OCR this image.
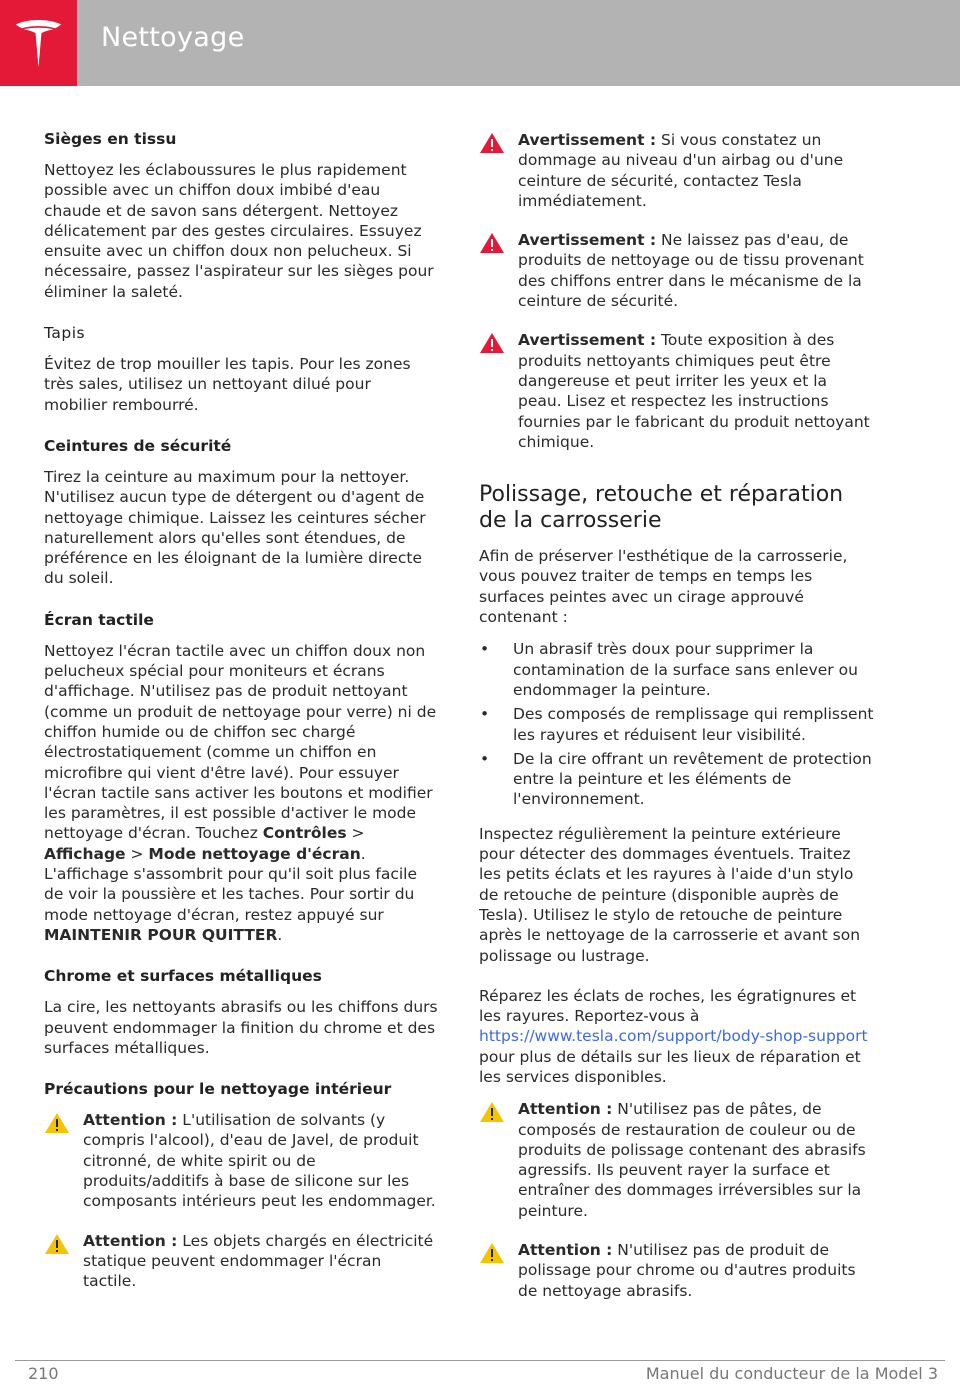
Nettoyage
Sièges en tissu

Nettoyez les éclaboussures le plus rapidement possible avec un chiffon doux imbibé d'eau chaude et de savon sans détergent. Nettoyez délicatement par des gestes circulaires. Essuyez ensuite avec un chiffon doux non pelucheux. Si nécessaire, passez l'aspirateur sur les sièges pour éliminer la saleté.

Tapis

Évitez de trop mouiller les tapis. Pour les zones très sales, utilisez un nettoyant dilué pour mobilier rembourré.

Ceintures de sécurité

Tirez la ceinture au maximum pour la nettoyer. N'utilisez aucun type de détergent ou d'agent de nettoyage chimique. Laissez les ceintures sécher naturellement alors qu'elles sont étendues, de préférence en les éloignant de la lumière directe du soleil.

Écran tactile

Nettoyez l'écran tactile avec un chiffon doux non pelucheux spécial pour moniteurs et écrans d'affichage. N'utilisez pas de produit nettoyant (comme un produit de nettoyage pour verre) ni de chiffon humide ou de chiffon sec chargé électrostatiquement (comme un chiffon en microfibre qui vient d'être lavé). Pour essuyer l'écran tactile sans activer les boutons et modifier les paramètres, il est possible d'activer le mode nettoyage d'écran. Touchez Contrôles > Affichage > Mode nettoyage d'écran. L'affichage s'assombrit pour qu'il soit plus facile de voir la poussière et les taches. Pour sortir du mode nettoyage d'écran, restez appuyé sur MAINTENIR POUR QUITTER.

Chrome et surfaces métalliques

La cire, les nettoyants abrasifs ou les chiffons durs peuvent endommager la finition du chrome et des surfaces métalliques.

Précautions pour le nettoyage intérieur
Attention : L'utilisation de solvants (y compris l'alcool), d'eau de Javel, de produit citronné, de white spirit ou de produits/additifs à base de silicone sur les composants intérieurs peut les endommager.
Attention : Les objets chargés en électricité statique peuvent endommager l'écran tactile.
Avertissement : Si vous constatez un dommage au niveau d'un airbag ou d'une ceinture de sécurité, contactez Tesla immédiatement.
Avertissement : Ne laissez pas d'eau, de produits de nettoyage ou de tissu provenant des chiffons entrer dans le mécanisme de la ceinture de sécurité.
Avertissement : Toute exposition à des produits nettoyants chimiques peut être dangereuse et peut irriter les yeux et la peau. Lisez et respectez les instructions fournies par le fabricant du produit nettoyant chimique.
Polissage, retouche et réparation de la carrosserie

Afin de préserver l'esthétique de la carrosserie, vous pouvez traiter de temps en temps les surfaces peintes avec un cirage approuvé contenant :

• Un abrasif très doux pour supprimer la contamination de la surface sans enlever ou endommager la peinture.
• Des composés de remplissage qui remplissent les rayures et réduisent leur visibilité.
• De la cire offrant un revêtement de protection entre la peinture et les éléments de l'environnement.

Inspectez régulièrement la peinture extérieure pour détecter des dommages éventuels. Traitez les petits éclats et les rayures à l'aide d'un stylo de retouche de peinture (disponible auprès de Tesla). Utilisez le stylo de retouche de peinture après le nettoyage de la carrosserie et avant son polissage ou lustrage.

Réparez les éclats de roches, les égratignures et les rayures. Reportez-vous à https://www.tesla.com/support/body-shop-support pour plus de détails sur les lieux de réparation et les services disponibles.

Attention : N'utilisez pas de pâtes, de composés de restauration de couleur ou de produits de polissage contenant des abrasifs agressifs. Ils peuvent rayer la surface et entraîner des dommages irréversibles sur la peinture.
Attention : N'utilisez pas de produit de polissage pour chrome ou d'autres produits de nettoyage abrasifs.
210	Manuel du conducteur de la Model 3
